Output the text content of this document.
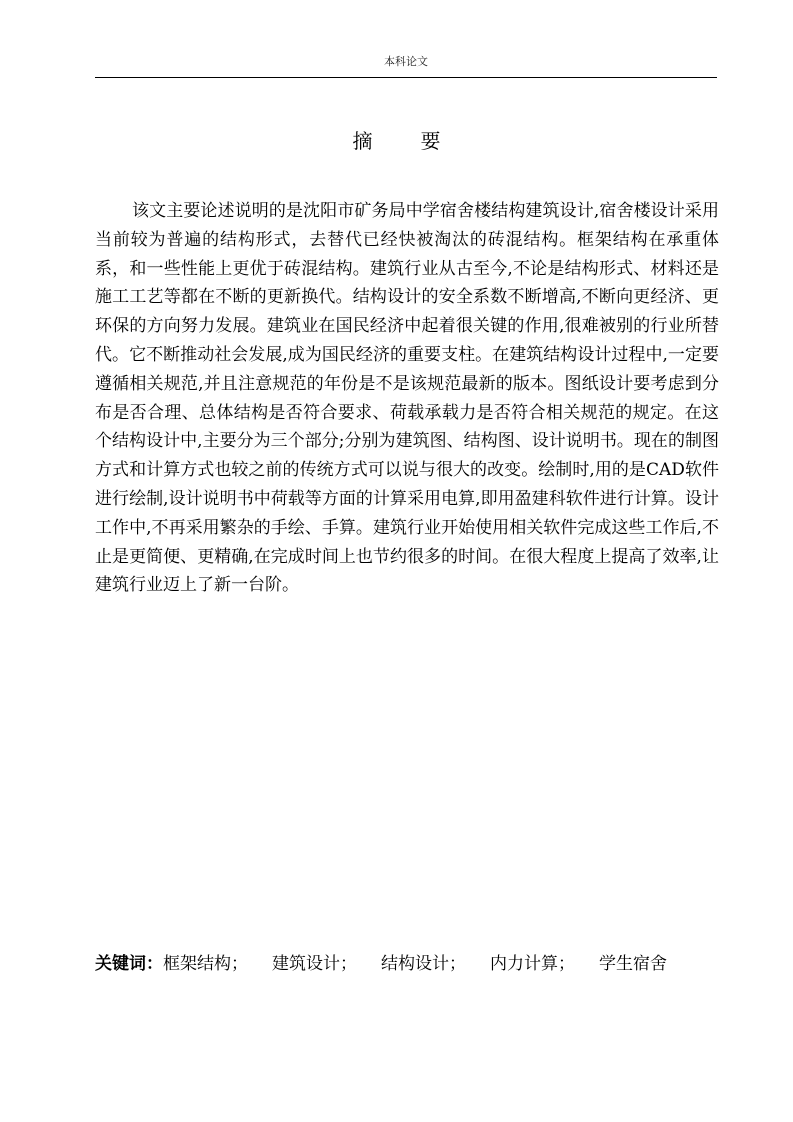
本科论文
摘要

该文主要论述说明的是沈阳市矿务局中学宿舍楼结构建筑设计,宿舍楼设计采用当前较为普遍的结构形式，去替代已经快被淘汰的砖混结构。框架结构在承重体系，和一些性能上更优于砖混结构。建筑行业从古至今,不论是结构形式、材料还是施工工艺等都在不断的更新换代。结构设计的安全系数不断增高,不断向更经济、更环保的方向努力发展。建筑业在国民经济中起着很关键的作用,很难被别的行业所替代。它不断推动社会发展,成为国民经济的重要支柱。在建筑结构设计过程中,一定要遵循相关规范,并且注意规范的年份是不是该规范最新的版本。图纸设计要考虑到分布是否合理、总体结构是否符合要求、荷载承载力是否符合相关规范的规定。在这个结构设计中,主要分为三个部分;分别为建筑图、结构图、设计说明书。现在的制图方式和计算方式也较之前的传统方式可以说与很大的改变。绘制时,用的是CAD软件进行绘制,设计说明书中荷载等方面的计算采用电算,即用盈建科软件进行计算。设计工作中,不再采用繁杂的手绘、手算。建筑行业开始使用相关软件完成这些工作后,不止是更简便、更精确,在完成时间上也节约很多的时间。在很大程度上提高了效率,让建筑行业迈上了新一台阶。

关键词：框架结构； 建筑设计； 结构设计； 内力计算； 学生宿舍
